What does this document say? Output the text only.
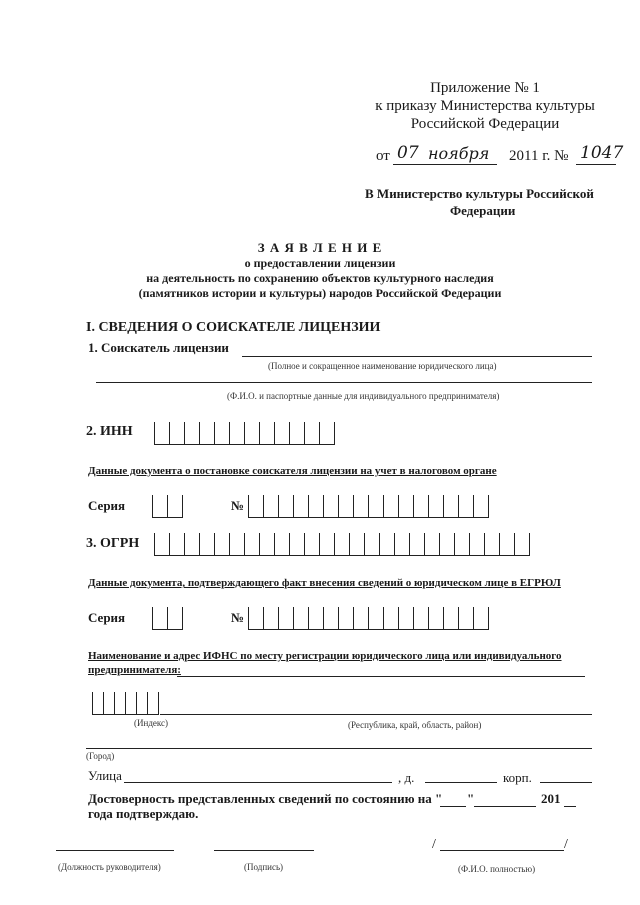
Приложение № 1
к приказу Министерства культуры
Российской Федерации
от 07 ноября 2011 г. № 1047
В Министерство культуры Российской
Федерации
З А Я В Л Е Н И Е
о предоставлении лицензии
на деятельность по сохранению объектов культурного наследия
(памятников истории и культуры) народов Российской Федерации
I. СВЕДЕНИЯ О СОИСКАТЕЛЕ ЛИЦЕНЗИИ
1. Соискатель лицензии
(Полное и сокращенное наименование юридического лица)
(Ф.И.О. и паспортные данные для индивидуального предпринимателя)
2. ИНН
Данные документа о постановке соискателя лицензии на учет в налоговом органе
Серия	№
3. ОГРН
Данные документа, подтверждающего факт внесения сведений о юридическом лице в ЕГРЮЛ
Серия	№
Наименование и адрес ИФНС по месту регистрации юридического лица или индивидуального
предпринимателя:
(Индекс)	(Республика, край, область, район)
(Город)
Улица	, д.	корп.
Достоверность представленных сведений по состоянию на " "	201
года подтверждаю.
/	/
(Должность руководителя)	(Подпись)	(Ф.И.О. полностью)
